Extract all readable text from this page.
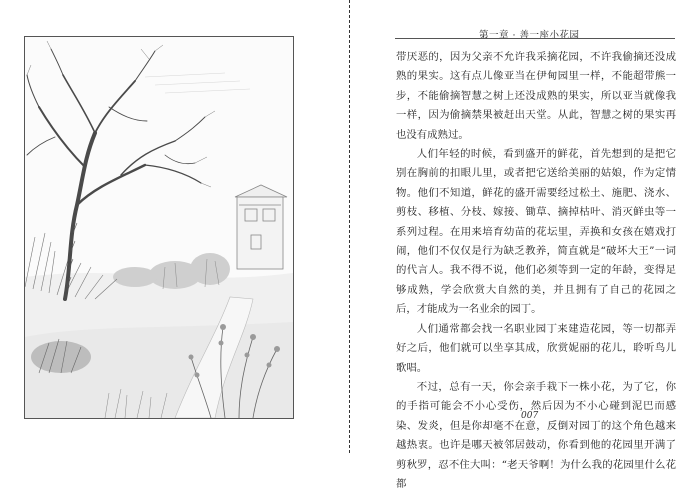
第一章 · 善一座小花园

带厌恶的，因为父亲不允许我采摘花园，不许我偷摘还没成熟的果实。这有点儿像亚当在伊甸园里一样，不能超带熊一步，不能偷摘智慧之树上还没成熟的果实，所以亚当就像我一样，因为偷摘禁果被赶出天堂。从此，智慧之树的果实再也没有成熟过。

人们年轻的时候，看到盛开的鲜花，首先想到的是把它别在胸前的扣眼儿里，或者把它送给美丽的姑娘，作为定情物。他们不知道，鲜花的盛开需要经过松土、施肥、浇水、剪枝、移植、分枝、嫁接、锄草、摘掉枯叶、消灭鲜虫等一系列过程。在用来培育幼苗的花坛里，弄换和女孩在嬉戏打闹，他们不仅仅是行为缺乏教养，简直就是“破坏大王”一词的代言人。我不得不说，他们必须等到一定的年龄，变得足够成熟，学会欣赏大自然的美，并且拥有了自己的花园之后，才能成为一名业余的园丁。

人们通常都会找一名职业园丁来建造花园，等一切都弄好之后，他们就可以坐享其成，欣赏妮丽的花儿，聆听鸟儿歌唱。

不过，总有一天，你会亲手栽下一株小花，为了它，你的手指可能会不小心受伤，然后因为不小心碰到泥巴而感染、发炎，但是你却毫不在意，反倒对园丁的这个角色越来越热衷。也许是哪天被邻居鼓动，你看到他的花园里开满了剪秋罗，忍不住大叫：“老天爷啊！为什么我的花园里什么花都

007
